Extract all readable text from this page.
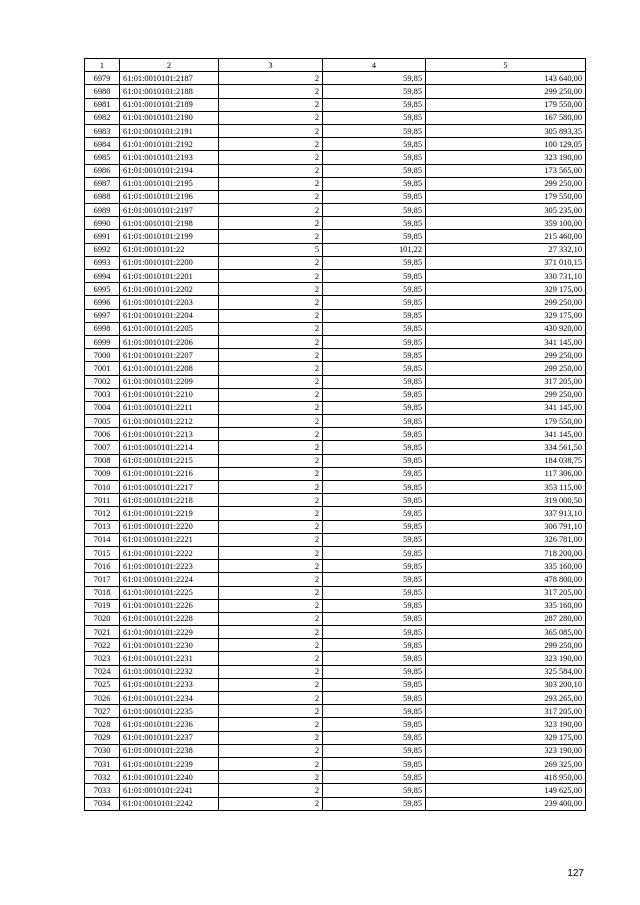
1	2	3	4	5
6979	61:01:0010101:2187	2	59,85	143 640,00
6980	61:01:0010101:2188	2	59,85	299 250,00
6981	61:01:0010101:2189	2	59,85	179 550,00
6982	61:01:0010101:2190	2	59,85	167 580,00
6983	61:01:0010101:2191	2	59,85	305 893,35
6984	61:01:0010101:2192	2	59,85	100 129,05
6985	61:01:0010101:2193	2	59,85	323 190,00
6986	61:01:0010101:2194	2	59,85	173 565,00
6987	61:01:0010101:2195	2	59,85	299 250,00
6988	61:01:0010101:2196	2	59,85	179 550,00
6989	61:01:0010101:2197	2	59,85	305 235,00
6990	61:01:0010101:2198	2	59,85	359 100,00
6991	61:01:0010101:2199	2	59,85	215 460,00
6992	61:01:0010101:22	5	101,22	27 332,10
6993	61:01:0010101:2200	2	59,85	371 010,15
6994	61:01:0010101:2201	2	59,85	330 731,10
6995	61:01:0010101:2202	2	59,85	329 175,00
6996	61:01:0010101:2203	2	59,85	299 250,00
6997	61:01:0010101:2204	2	59,85	329 175,00
6998	61:01:0010101:2205	2	59,85	430 920,00
6999	61:01:0010101:2206	2	59,85	341 145,00
7000	61:01:0010101:2207	2	59,85	299 250,00
7001	61:01:0010101:2208	2	59,85	299 250,00
7002	61:01:0010101:2209	2	59,85	317 205,00
7003	61:01:0010101:2210	2	59,85	299 250,00
7004	61:01:0010101:2211	2	59,85	341 145,00
7005	61:01:0010101:2212	2	59,85	179 550,00
7006	61:01:0010101:2213	2	59,85	341 145,00
7007	61:01:0010101:2214	2	59,85	334 561,50
7008	61:01:0010101:2215	2	59,85	184 038,75
7009	61:01:0010101:2216	2	59,85	117 306,00
7010	61:01:0010101:2217	2	59,85	353 115,00
7011	61:01:0010101:2218	2	59,85	319 000,50
7012	61:01:0010101:2219	2	59,85	337 913,10
7013	61:01:0010101:2220	2	59,85	306 791,10
7014	61:01:0010101:2221	2	59,85	326 781,00
7015	61:01:0010101:2222	2	59,85	718 200,00
7016	61:01:0010101:2223	2	59,85	335 160,00
7017	61:01:0010101:2224	2	59,85	478 800,00
7018	61:01:0010101:2225	2	59,85	317 205,00
7019	61:01:0010101:2226	2	59,85	335 160,00
7020	61:01:0010101:2228	2	59,85	287 280,00
7021	61:01:0010101:2229	2	59,85	365 085,00
7022	61:01:0010101:2230	2	59,85	299 250,00
7023	61:01:0010101:2231	2	59,85	323 190,00
7024	61:01:0010101:2232	2	59,85	325 584,00
7025	61:01:0010101:2233	2	59,85	303 200,10
7026	61:01:0010101:2234	2	59,85	293 265,00
7027	61:01:0010101:2235	2	59,85	317 205,00
7028	61:01:0010101:2236	2	59,85	323 190,00
7029	61:01:0010101:2237	2	59,85	329 175,00
7030	61:01:0010101:2238	2	59,85	323 190,00
7031	61:01:0010101:2239	2	59,85	269 325,00
7032	61:01:0010101:2240	2	59,85	418 950,00
7033	61:01:0010101:2241	2	59,85	149 625,00
7034	61:01:0010101:2242	2	59,85	239 400,00
127
